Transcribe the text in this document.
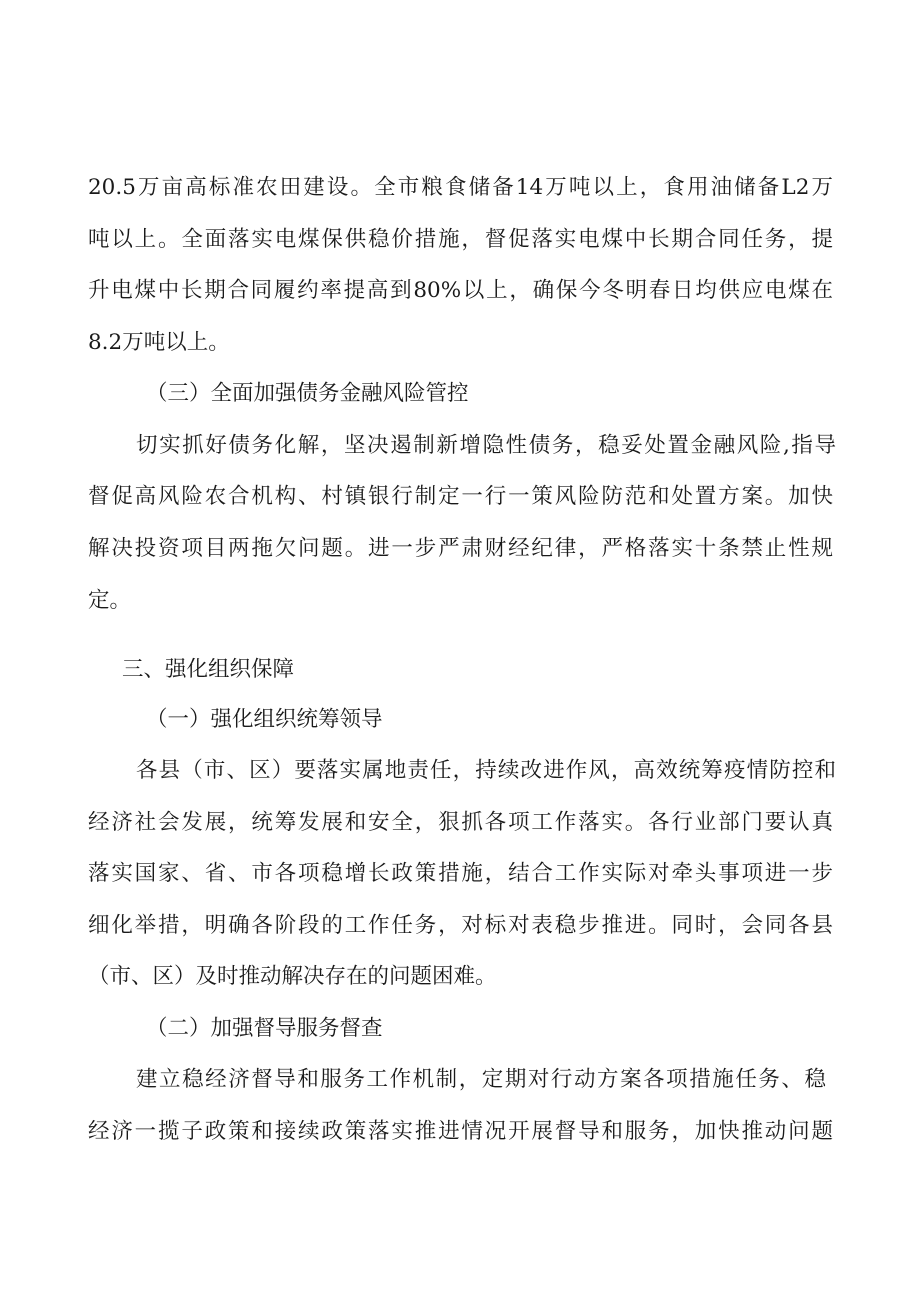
20.5万亩高标准农田建设。全市粮食储备14万吨以上，食用油储备L2万

吨以上。全面落实电煤保供稳价措施，督促落实电煤中长期合同任务，提

升电煤中长期合同履约率提高到80%以上，确保今冬明春日均供应电煤在

8.2万吨以上。

（三）全面加强债务金融风险管控

切实抓好债务化解，坚决遏制新增隐性债务，稳妥处置金融风险,指导

督促高风险农合机构、村镇银行制定一行一策风险防范和处置方案。加快

解决投资项目两拖欠问题。进一步严肃财经纪律，严格落实十条禁止性规

定。

三、强化组织保障

（一）强化组织统筹领导

各县（市、区）要落实属地责任，持续改进作风，高效统筹疫情防控和

经济社会发展，统筹发展和安全，狠抓各项工作落实。各行业部门要认真

落实国家、省、市各项稳增长政策措施，结合工作实际对牵头事项进一步

细化举措，明确各阶段的工作任务，对标对表稳步推进。同时，会同各县

（市、区）及时推动解决存在的问题困难。

（二）加强督导服务督查

建立稳经济督导和服务工作机制，定期对行动方案各项措施任务、稳

经济一揽子政策和接续政策落实推进情况开展督导和服务，加快推动问题
